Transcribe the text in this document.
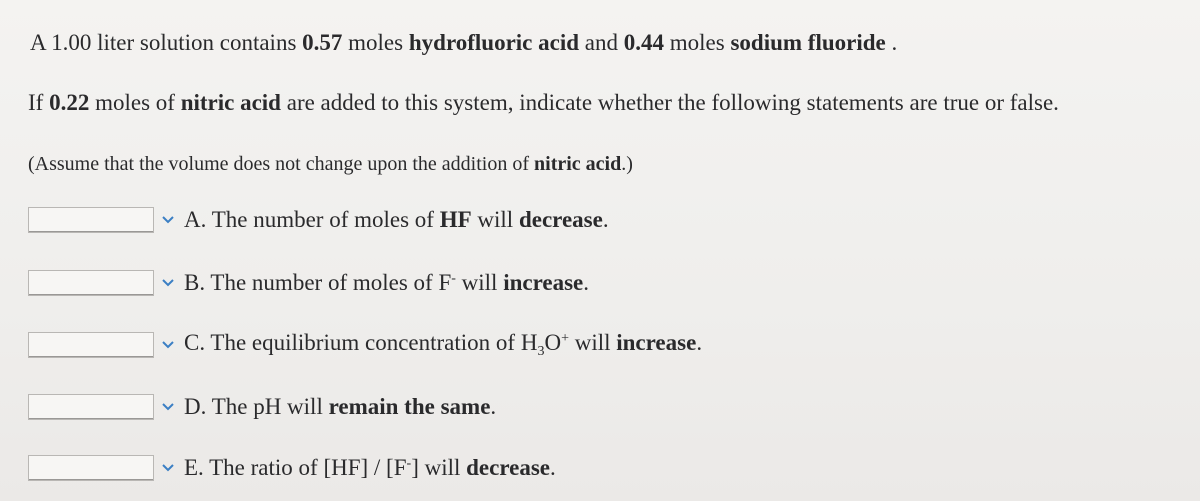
A 1.00 liter solution contains 0.57 moles hydrofluoric acid and 0.44 moles sodium fluoride .
If 0.22 moles of nitric acid are added to this system, indicate whether the following statements are true or false.
(Assume that the volume does not change upon the addition of nitric acid.)
A. The number of moles of HF will decrease.
B. The number of moles of F- will increase.
C. The equilibrium concentration of $H_3O^+$ will increase.
D. The pH will remain the same.
E. The ratio of [HF] / [F-] will decrease.
